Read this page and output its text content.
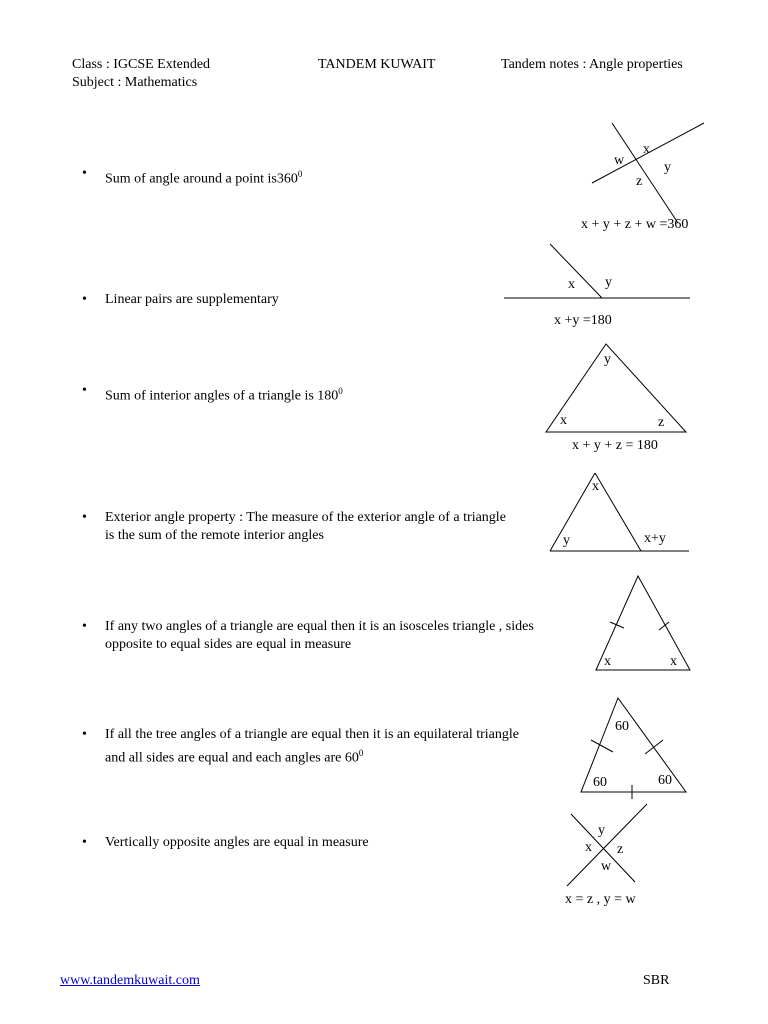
Class : IGCSE Extended
Subject : Mathematics
TANDEM KUWAIT	Tandem notes : Angle properties
• Sum of angle around a point $is360^0$
• Linear pairs are supplementary
• Sum of interior angles of a triangle is $180^0$
• Exterior angle property : The measure of the exterior angle of a triangle
is the sum of the remote interior angles
• If any two angles of a triangle are equal then it is an isosceles triangle , sides
opposite to equal sides are equal in measure
• If all the tree angles of a triangle are equal then it is an equilateral triangle
and all sides are equal and each angles are $60^0$
• Vertically opposite angles are equal in measure
x
y
z
w
x + y + z + w =360
x y
x +y =180
y
x	z
x + y + z = 180
x
y	x+y
x	x
60
60	60
y
x z
w
x = z , y = w
www.tandemkuwait.com	SBR
